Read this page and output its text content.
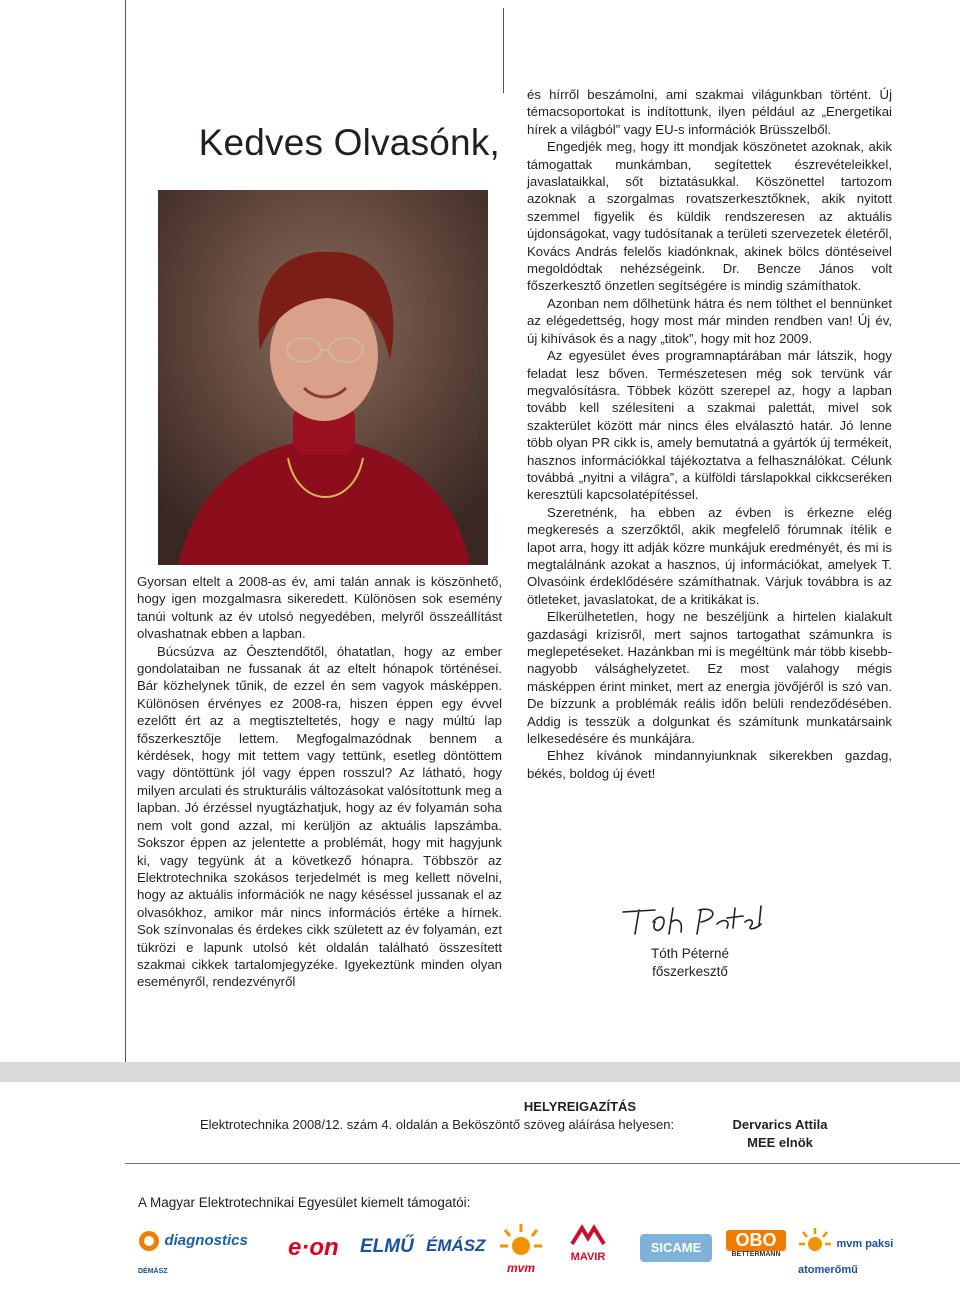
Kedves Olvasónk,
Fotó: szélagnes

Gyorsan eltelt a 2008-as év, ami talán annak is köszönhető, hogy igen mozgalmasra sikeredett. Különösen sok esemény tanúi voltunk az év utolsó negyedében, melyről összeállítást olvashatnak ebben a lapban.

Búcsúzva az Óesztendőtől, óhatatlan, hogy az ember gondolataiban ne fussanak át az eltelt hónapok történései. Bár közhelynek tűnik, de ezzel én sem vagyok másképpen. Különösen érvényes ez 2008-ra, hiszen éppen egy évvel ezelőtt ért az a megtiszteltetés, hogy e nagy múltú lap főszerkesztője lettem. Megfogalmazódnak bennem a kérdések, hogy mit tettem vagy tettünk, esetleg döntöttem vagy döntöttünk jól vagy éppen rosszul? Az látható, hogy milyen arculati és strukturális változásokat valósítottunk meg a lapban. Jó érzéssel nyugtázhatjuk, hogy az év folyamán soha nem volt gond azzal, mi kerüljön az aktuális lapszámba. Sokszor éppen az jelentette a problémát, hogy mit hagyjunk ki, vagy tegyünk át a következő hónapra. Többször az Elektrotechnika szokásos terjedelmét is meg kellett növelni, hogy az aktuális információk ne nagy késéssel jussanak el az olvasókhoz, amikor már nincs információs értéke a hírnek. Sok színvonalas és érdekes cikk született az év folyamán, ezt tükrözi e lapunk utolsó két oldalán található összesített szakmai cikkek tartalomjegyzéke. Igyekeztünk minden olyan eseményről, rendezvényről

és hírről beszámolni, ami szakmai világunkban történt. Új témacsoportokat is indítottunk, ilyen például az „Energetikai hírek a világból” vagy EU-s információk Brüsszelből.

Engedjék meg, hogy itt mondjak köszönetet azoknak, akik támogattak munkámban, segítettek észrevételeikkel, javaslataikkal, sőt biztatásukkal. Köszönettel tartozom azoknak a szorgalmas rovatszerkesztőknek, akik nyitott szemmel figyelik és küldik rendszeresen az aktuális újdonságokat, vagy tudósítanak a területi szervezetek életéről, Kovács András felelős kiadónknak, akinek bölcs döntéseivel megoldódtak nehézségeink. Dr. Bencze János volt főszerkesztő önzetlen segítségére is mindig számíthatok.

Azonban nem dőlhetünk hátra és nem tölthet el bennünket az elégedettség, hogy most már minden rendben van! Új év, új kihívások és a nagy „titok”, hogy mit hoz 2009.

Az egyesület éves programnaptárában már látszik, hogy feladat lesz bőven. Természetesen még sok tervünk vár megvalósításra. Többek között szerepel az, hogy a lapban tovább kell szélesíteni a szakmai palettát, mivel sok szakterület között már nincs éles elválasztó határ. Jó lenne több olyan PR cikk is, amely bemutatná a gyártók új termékeit, hasznos információkkal tájékoztatva a felhasználókat. Célunk továbbá „nyitni a világra”, a külföldi társlapokkal cikkcseréken keresztüli kapcsolatépítéssel.

Szeretnénk, ha ebben az évben is érkezne elég megkeresés a szerzőktől, akik megfelelő fórumnak ítélik e lapot arra, hogy itt adják közre munkájuk eredményét, és mi is megtalálnánk azokat a hasznos, új információkat, amelyek T. Olvasóink érdeklődésére számíthatnak. Várjuk továbbra is az ötleteket, javaslatokat, de a kritikákat is.

Elkerülhetetlen, hogy ne beszéljünk a hirtelen kialakult gazdasági krízisről, mert sajnos tartogathat számunkra is meglepetéseket. Hazánkban mi is megéltünk már több kisebb-nagyobb válsághelyzetet. Ez most valahogy mégis másképpen érint minket, mert az energia jövőjéről is szó van. De bízzunk a problémák reális időn belüli rendeződésében. Addig is tesszük a dolgunkat és számítunk munkatársaink lelkesedésére és munkájára.

Ehhez kívánok mindannyiunknak sikerekben gazdag, békés, boldog új évet!

Tóth Péterné
főszerkesztő
HELYREIGAZÍTÁS
Elektrotechnika 2008/12. szám 4. oldalán a Beköszöntő szöveg aláírása helyesen:	Dervarics Attila
MEE elnök
A Magyar Elektrotechnikai Egyesület kiemelt támogatói:
diagnostics
DÉMÁSZ
e·on ELMŰ ÉMÁSZ
mvm
MAVIR
SICAME	OBO
BETTERMANN
mvm paksi atomerőmű
